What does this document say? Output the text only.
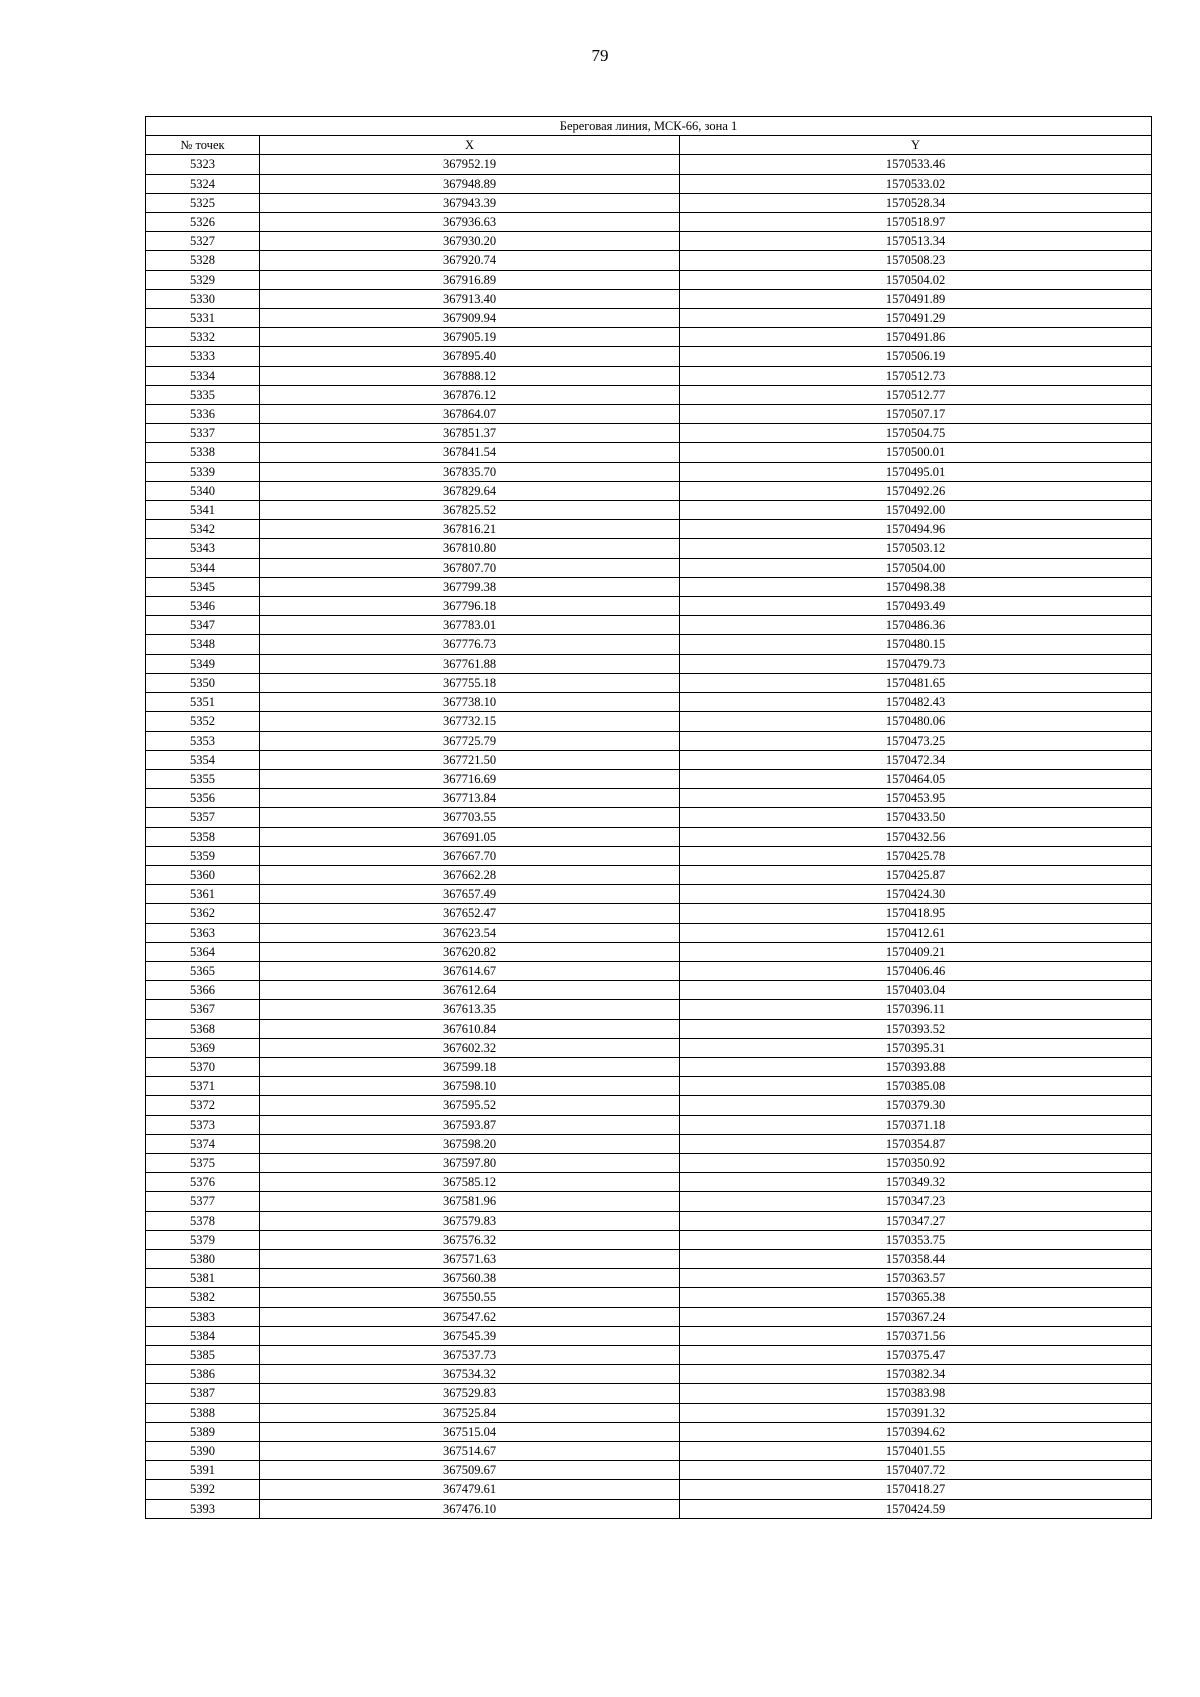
79
Береговая линия, МСК-66, зона 1		
№ точек	X	Y
5323	367952.19	1570533.46
5324	367948.89	1570533.02
5325	367943.39	1570528.34
5326	367936.63	1570518.97
5327	367930.20	1570513.34
5328	367920.74	1570508.23
5329	367916.89	1570504.02
5330	367913.40	1570491.89
5331	367909.94	1570491.29
5332	367905.19	1570491.86
5333	367895.40	1570506.19
5334	367888.12	1570512.73
5335	367876.12	1570512.77
5336	367864.07	1570507.17
5337	367851.37	1570504.75
5338	367841.54	1570500.01
5339	367835.70	1570495.01
5340	367829.64	1570492.26
5341	367825.52	1570492.00
5342	367816.21	1570494.96
5343	367810.80	1570503.12
5344	367807.70	1570504.00
5345	367799.38	1570498.38
5346	367796.18	1570493.49
5347	367783.01	1570486.36
5348	367776.73	1570480.15
5349	367761.88	1570479.73
5350	367755.18	1570481.65
5351	367738.10	1570482.43
5352	367732.15	1570480.06
5353	367725.79	1570473.25
5354	367721.50	1570472.34
5355	367716.69	1570464.05
5356	367713.84	1570453.95
5357	367703.55	1570433.50
5358	367691.05	1570432.56
5359	367667.70	1570425.78
5360	367662.28	1570425.87
5361	367657.49	1570424.30
5362	367652.47	1570418.95
5363	367623.54	1570412.61
5364	367620.82	1570409.21
5365	367614.67	1570406.46
5366	367612.64	1570403.04
5367	367613.35	1570396.11
5368	367610.84	1570393.52
5369	367602.32	1570395.31
5370	367599.18	1570393.88
5371	367598.10	1570385.08
5372	367595.52	1570379.30
5373	367593.87	1570371.18
5374	367598.20	1570354.87
5375	367597.80	1570350.92
5376	367585.12	1570349.32
5377	367581.96	1570347.23
5378	367579.83	1570347.27
5379	367576.32	1570353.75
5380	367571.63	1570358.44
5381	367560.38	1570363.57
5382	367550.55	1570365.38
5383	367547.62	1570367.24
5384	367545.39	1570371.56
5385	367537.73	1570375.47
5386	367534.32	1570382.34
5387	367529.83	1570383.98
5388	367525.84	1570391.32
5389	367515.04	1570394.62
5390	367514.67	1570401.55
5391	367509.67	1570407.72
5392	367479.61	1570418.27
5393	367476.10	1570424.59
